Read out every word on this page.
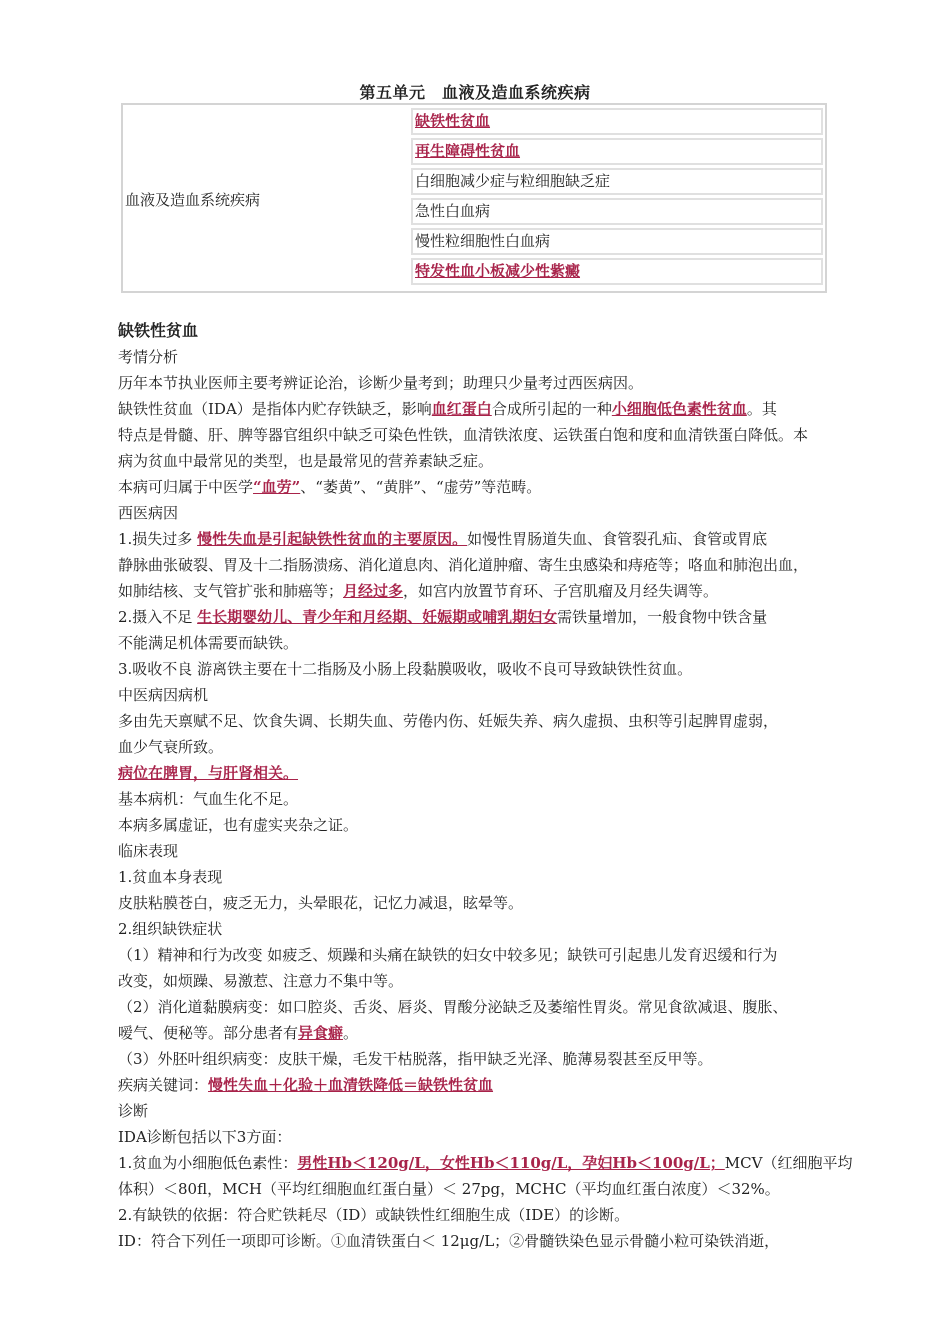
第五单元　血液及造血系统疾病
血液及造血系统疾病
缺铁性贫血
再生障碍性贫血
白细胞减少症与粒细胞缺乏症
急性白血病
慢性粒细胞性白血病
特发性血小板减少性紫癜

缺铁性贫血

考情分析

历年本节执业医师主要考辨证论治，诊断少量考到；助理只少量考过西医病因。

缺铁性贫血（IDA）是指体内贮存铁缺乏，影响血红蛋白合成所引起的一种小细胞低色素性贫血。其

特点是骨髓、肝、脾等器官组织中缺乏可染色性铁，血清铁浓度、运铁蛋白饱和度和血清铁蛋白降低。本

病为贫血中最常见的类型，也是最常见的营养素缺乏症。

本病可归属于中医学“血劳”、“萎黄”、“黄胖”、“虚劳”等范畴。

西医病因

1.损失过多 慢性失血是引起缺铁性贫血的主要原因。如慢性胃肠道失血、食管裂孔疝、食管或胃底

静脉曲张破裂、胃及十二指肠溃疡、消化道息肉、消化道肿瘤、寄生虫感染和痔疮等；咯血和肺泡出血，

如肺结核、支气管扩张和肺癌等；月经过多，如宫内放置节育环、子宫肌瘤及月经失调等。

2.摄入不足 生长期婴幼儿、青少年和月经期、妊娠期或哺乳期妇女需铁量增加，一般食物中铁含量

不能满足机体需要而缺铁。

3.吸收不良 游离铁主要在十二指肠及小肠上段黏膜吸收，吸收不良可导致缺铁性贫血。

中医病因病机

多由先天禀赋不足、饮食失调、长期失血、劳倦内伤、妊娠失养、病久虚损、虫积等引起脾胃虚弱，

血少气衰所致。

病位在脾胃，与肝肾相关。

基本病机：气血生化不足。

本病多属虚证，也有虚实夹杂之证。

临床表现

1.贫血本身表现

皮肤粘膜苍白，疲乏无力，头晕眼花，记忆力减退，眩晕等。

2.组织缺铁症状

（1）精神和行为改变 如疲乏、烦躁和头痛在缺铁的妇女中较多见；缺铁可引起患儿发育迟缓和行为

改变，如烦躁、易激惹、注意力不集中等。

（2）消化道黏膜病变：如口腔炎、舌炎、唇炎、胃酸分泌缺乏及萎缩性胃炎。常见食欲减退、腹胀、

嗳气、便秘等。部分患者有异食癖。

（3）外胚叶组织病变：皮肤干燥，毛发干枯脱落，指甲缺乏光泽、脆薄易裂甚至反甲等。

疾病关键词：慢性失血＋化验＋血清铁降低＝缺铁性贫血

诊断

IDA诊断包括以下3方面：

1.贫血为小细胞低色素性：男性Hb＜120g/L，女性Hb＜110g/L，孕妇Hb＜100g/L；MCV（红细胞平均

体积）＜80fl，MCH（平均红细胞血红蛋白量）＜ 27pg，MCHC（平均血红蛋白浓度）＜32%。

2.有缺铁的依据：符合贮铁耗尽（ID）或缺铁性红细胞生成（IDE）的诊断。

ID：符合下列任一项即可诊断。①血清铁蛋白＜ 12μg/L；②骨髓铁染色显示骨髓小粒可染铁消逝，
